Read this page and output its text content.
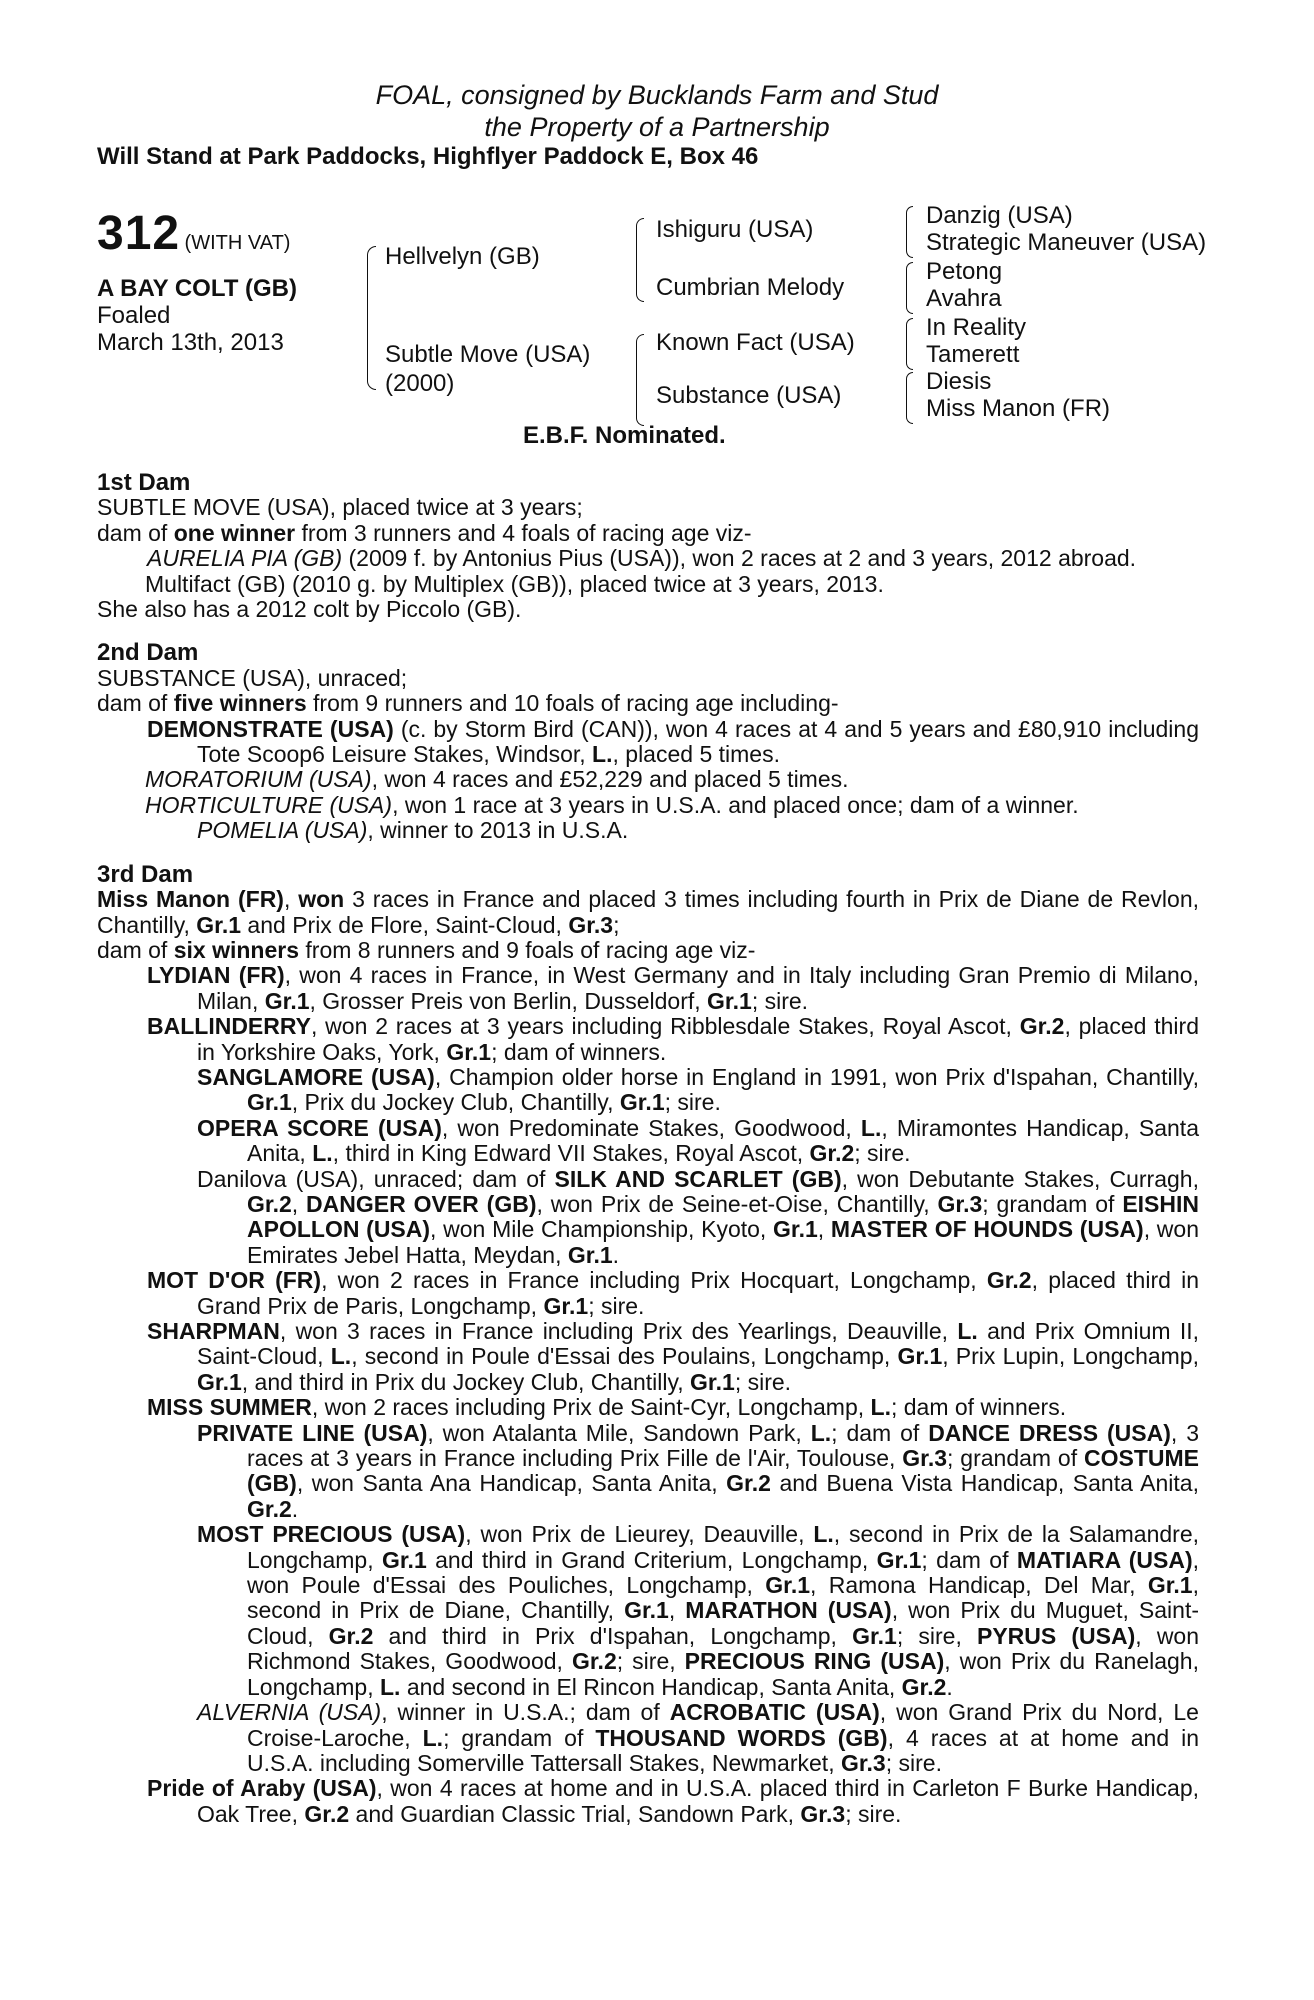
FOAL, consigned by Bucklands Farm and Stud
the Property of a Partnership
Will Stand at Park Paddocks, Highflyer Paddock E, Box 46
312 (WITH VAT)
A BAY COLT (GB)
Foaled
March 13th, 2013
Hellvelyn (GB)
Subtle Move (USA)
(2000)
Ishiguru (USA)
Cumbrian Melody
Known Fact (USA)
Substance (USA)
Danzig (USA)
Strategic Maneuver (USA)
Petong
Avahra
In Reality
Tamerett
Diesis
Miss Manon (FR)
E.B.F. Nominated.

1st Dam

SUBTLE MOVE (USA), placed twice at 3 years;

dam of one winner from 3 runners and 4 foals of racing age viz-

AURELIA PIA (GB) (2009 f. by Antonius Pius (USA)), won 2 races at 2 and 3 years, 2012 abroad.

Multifact (GB) (2010 g. by Multiplex (GB)), placed twice at 3 years, 2013.

She also has a 2012 colt by Piccolo (GB).

2nd Dam

SUBSTANCE (USA), unraced;

dam of five winners from 9 runners and 10 foals of racing age including-

DEMONSTRATE (USA) (c. by Storm Bird (CAN)), won 4 races at 4 and 5 years and £80,910 including Tote Scoop6 Leisure Stakes, Windsor, L., placed 5 times.

MORATORIUM (USA), won 4 races and £52,229 and placed 5 times.

HORTICULTURE (USA), won 1 race at 3 years in U.S.A. and placed once; dam of a winner.

POMELIA (USA), winner to 2013 in U.S.A.

3rd Dam

Miss Manon (FR), won 3 races in France and placed 3 times including fourth in Prix de Diane de Revlon, Chantilly, Gr.1 and Prix de Flore, Saint-Cloud, Gr.3;

dam of six winners from 8 runners and 9 foals of racing age viz-

LYDIAN (FR), won 4 races in France, in West Germany and in Italy including Gran Premio di Milano, Milan, Gr.1, Grosser Preis von Berlin, Dusseldorf, Gr.1; sire.

BALLINDERRY, won 2 races at 3 years including Ribblesdale Stakes, Royal Ascot, Gr.2, placed third in Yorkshire Oaks, York, Gr.1; dam of winners.

SANGLAMORE (USA), Champion older horse in England in 1991, won Prix d'Ispahan, Chantilly, Gr.1, Prix du Jockey Club, Chantilly, Gr.1; sire.

OPERA SCORE (USA), won Predominate Stakes, Goodwood, L., Miramontes Handicap, Santa Anita, L., third in King Edward VII Stakes, Royal Ascot, Gr.2; sire.

Danilova (USA), unraced; dam of SILK AND SCARLET (GB), won Debutante Stakes, Curragh, Gr.2, DANGER OVER (GB), won Prix de Seine-et-Oise, Chantilly, Gr.3; grandam of EISHIN APOLLON (USA), won Mile Championship, Kyoto, Gr.1, MASTER OF HOUNDS (USA), won Emirates Jebel Hatta, Meydan, Gr.1.

MOT D'OR (FR), won 2 races in France including Prix Hocquart, Longchamp, Gr.2, placed third in Grand Prix de Paris, Longchamp, Gr.1; sire.

SHARPMAN, won 3 races in France including Prix des Yearlings, Deauville, L. and Prix Omnium II, Saint-Cloud, L., second in Poule d'Essai des Poulains, Longchamp, Gr.1, Prix Lupin, Longchamp, Gr.1, and third in Prix du Jockey Club, Chantilly, Gr.1; sire.

MISS SUMMER, won 2 races including Prix de Saint-Cyr, Longchamp, L.; dam of winners.

PRIVATE LINE (USA), won Atalanta Mile, Sandown Park, L.; dam of DANCE DRESS (USA), 3 races at 3 years in France including Prix Fille de l'Air, Toulouse, Gr.3; grandam of COSTUME (GB), won Santa Ana Handicap, Santa Anita, Gr.2 and Buena Vista Handicap, Santa Anita, Gr.2.

MOST PRECIOUS (USA), won Prix de Lieurey, Deauville, L., second in Prix de la Salamandre, Longchamp, Gr.1 and third in Grand Criterium, Longchamp, Gr.1; dam of MATIARA (USA), won Poule d'Essai des Pouliches, Longchamp, Gr.1, Ramona Handicap, Del Mar, Gr.1, second in Prix de Diane, Chantilly, Gr.1, MARATHON (USA), won Prix du Muguet, Saint-Cloud, Gr.2 and third in Prix d'Ispahan, Longchamp, Gr.1; sire, PYRUS (USA), won Richmond Stakes, Goodwood, Gr.2; sire, PRECIOUS RING (USA), won Prix du Ranelagh, Longchamp, L. and second in El Rincon Handicap, Santa Anita, Gr.2.

ALVERNIA (USA), winner in U.S.A.; dam of ACROBATIC (USA), won Grand Prix du Nord, Le Croise-Laroche, L.; grandam of THOUSAND WORDS (GB), 4 races at at home and in U.S.A. including Somerville Tattersall Stakes, Newmarket, Gr.3; sire.

Pride of Araby (USA), won 4 races at home and in U.S.A. placed third in Carleton F Burke Handicap, Oak Tree, Gr.2 and Guardian Classic Trial, Sandown Park, Gr.3; sire.
